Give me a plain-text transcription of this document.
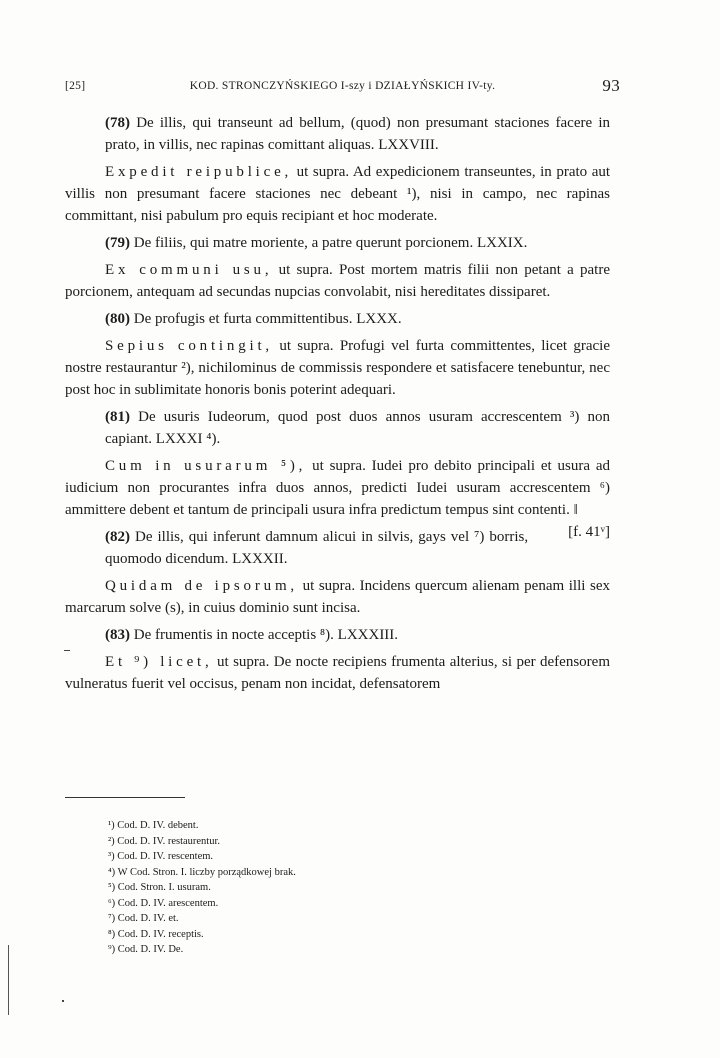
[25]	KOD. STRONCZYŃSKIEGO I-szy i DZIAŁYŃSKICH IV-ty.	93

(78) De illis, qui transeunt ad bellum, (quod) non presumant staciones facere in prato, in villis, nec rapinas comittant aliquas. LXXVIII.

Expedit reipublice, ut supra. Ad expedicionem transeuntes, in prato aut villis non presumant facere staciones nec debeant ¹), nisi in campo, nec rapinas committant, nisi pabulum pro equis recipiant et hoc moderate.

(79) De filiis, qui matre moriente, a patre querunt porcionem. LXXIX.

Ex communi usu, ut supra. Post mortem matris filii non petant a patre porcionem, antequam ad secundas nupcias convolabit, nisi hereditates dissiparet.

(80) De profugis et furta committentibus. LXXX.

Sepius contingit, ut supra. Profugi vel furta committentes, licet gracie nostre restaurantur ²), nichilominus de commissis respondere et satisfacere tenebuntur, nec post hoc in sublimitate honoris bonis poterint adequari.

(81) De usuris Iudeorum, quod post duos annos usuram accrescentem ³) non capiant. LXXXI ⁴).

Cum in usurarum ⁵), ut supra. Iudei pro debito principali et usura ad iudicium non procurantes infra duos annos, predicti Iudei usuram accrescentem ⁶) ammittere debent et tantum de principali usura infra predictum tempus sint contenti. ‖
[f. 41ᵛ]

(82) De illis, qui inferunt damnum alicui in silvis, gays vel ⁷) borris, quomodo dicendum. LXXXII.

Quidam de ipsorum, ut supra. Incidens quercum alienam penam illi sex marcarum solve (s), in cuius dominio sunt incisa.

(83) De frumentis in nocte acceptis ⁸). LXXXIII.

Et ⁹) licet, ut supra. De nocte recipiens frumenta alterius, si per defensorem vulneratus fuerit vel occisus, penam non incidat, defensatorem

¹) Cod. D. IV. debent.
²) Cod. D. IV. restaurentur.
³) Cod. D. IV. rescentem.
⁴) W Cod. Stron. I. liczby porządkowej brak.
⁵) Cod. Stron. I. usuram.
⁶) Cod. D. IV. arescentem.
⁷) Cod. D. IV. et.
⁸) Cod. D. IV. receptis.
⁹) Cod. D. IV. De.
